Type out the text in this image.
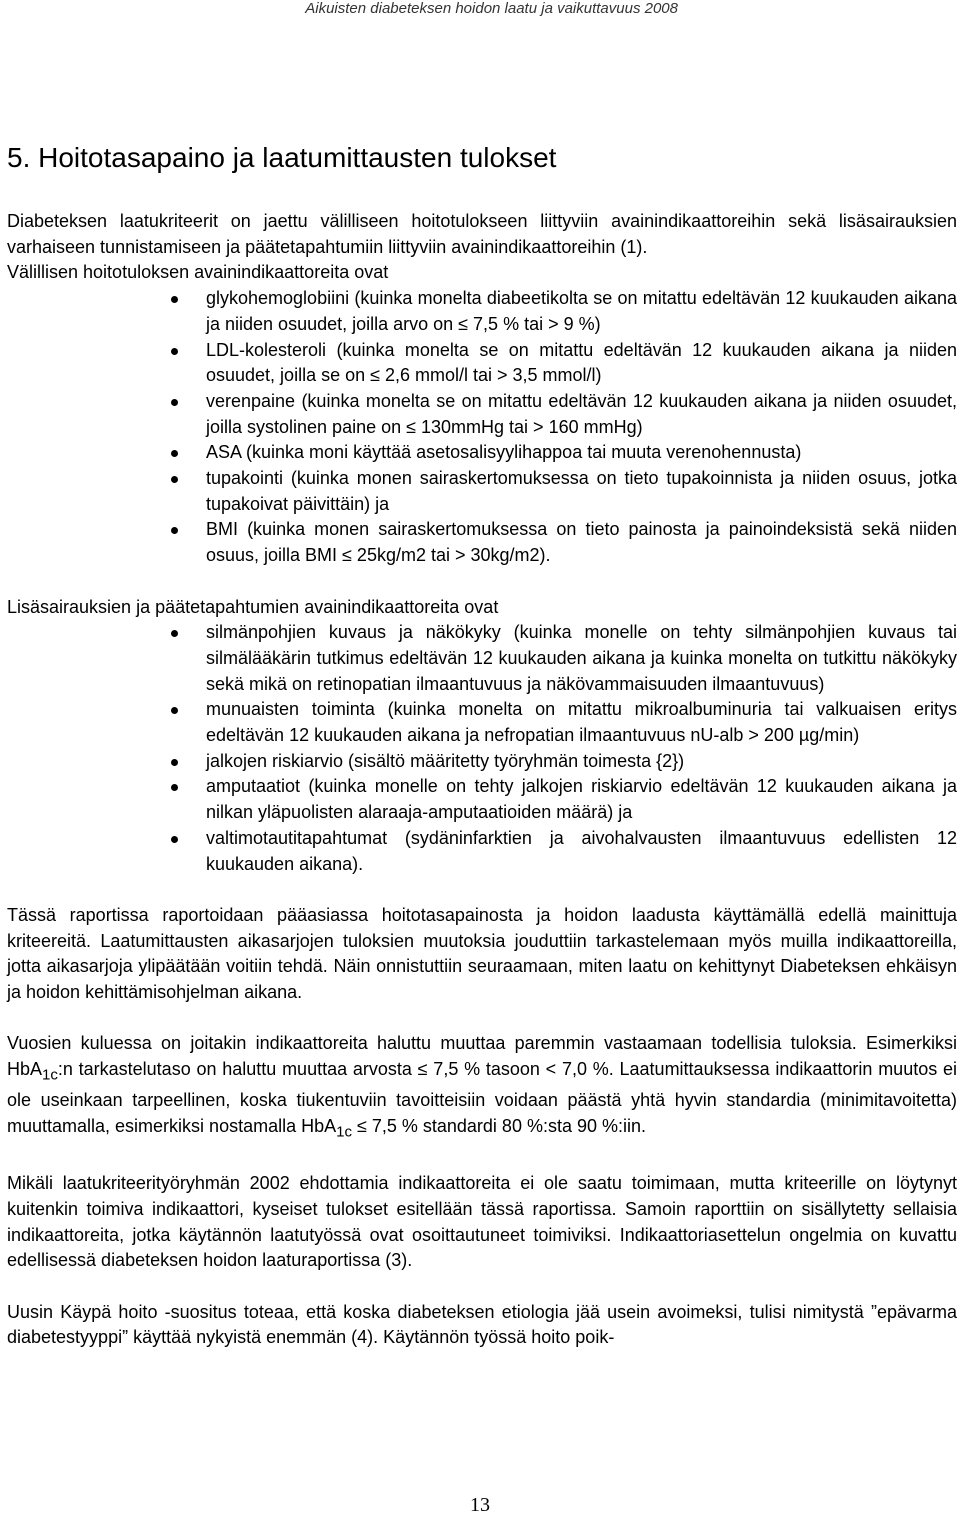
Aikuisten diabeteksen hoidon laatu ja vaikuttavuus 2008
5. Hoitotasapaino ja laatumittausten tulokset

Diabeteksen laatukriteerit on jaettu välilliseen hoitotulokseen liittyviin avainindikaattoreihin sekä lisäsairauksien varhaiseen tunnistamiseen ja päätetapahtumiin liittyviin avainindikaattoreihin (1).

Välillisen hoitotuloksen avainindikaattoreita ovat

glykohemoglobiini (kuinka monelta diabeetikolta se on mitattu edeltävän 12 kuukauden aikana ja niiden osuudet, joilla arvo on ≤ 7,5 % tai > 9 %)
LDL-kolesteroli (kuinka monelta se on mitattu edeltävän 12 kuukauden aikana ja niiden osuudet, joilla se on ≤ 2,6 mmol/l tai > 3,5 mmol/l)
verenpaine (kuinka monelta se on mitattu edeltävän 12 kuukauden aikana ja niiden osuudet, joilla systolinen paine on ≤ 130mmHg tai > 160 mmHg)
ASA (kuinka moni käyttää asetosalisyylihappoa tai muuta verenohennusta)
tupakointi (kuinka monen sairaskertomuksessa on tieto tupakoinnista ja niiden osuus, jotka tupakoivat päivittäin) ja
BMI (kuinka monen sairaskertomuksessa on tieto painosta ja painoindeksistä sekä niiden osuus, joilla BMI ≤ 25kg/m2 tai > 30kg/m2).

Lisäsairauksien ja päätetapahtumien avainindikaattoreita ovat

silmänpohjien kuvaus ja näkökyky (kuinka monelle on tehty silmänpohjien kuvaus tai silmälääkärin tutkimus edeltävän 12 kuukauden aikana ja kuinka monelta on tutkittu näkökyky sekä mikä on retinopatian ilmaantuvuus ja näkövammaisuuden ilmaantuvuus)
munuaisten toiminta (kuinka monelta on mitattu mikroalbuminuria tai valkuaisen eritys edeltävän 12 kuukauden aikana ja nefropatian ilmaantuvuus nU-alb > 200 µg/min)
jalkojen riskiarvio (sisältö määritetty työryhmän toimesta {2})
amputaatiot (kuinka monelle on tehty jalkojen riskiarvio edeltävän 12 kuukauden aikana ja nilkan yläpuolisten alaraaja-amputaatioiden määrä) ja
valtimotautitapahtumat (sydäninfarktien ja aivohalvausten ilmaantuvuus edellisten 12 kuukauden aikana).

Tässä raportissa raportoidaan pääasiassa hoitotasapainosta ja hoidon laadusta käyttämällä edellä mainittuja kriteereitä. Laatumittausten aikasarjojen tuloksien muutoksia jouduttiin tarkastelemaan myös muilla indikaattoreilla, jotta aikasarjoja ylipäätään voitiin tehdä. Näin onnistuttiin seuraamaan, miten laatu on kehittynyt Diabeteksen ehkäisyn ja hoidon kehittämisohjelman aikana.

Vuosien kuluessa on joitakin indikaattoreita haluttu muuttaa paremmin vastaamaan todellisia tuloksia. Esimerkiksi HbA$_{1c}$:n tarkastelutaso on haluttu muuttaa arvosta ≤ 7,5 % tasoon < 7,0 %. Laatumittauksessa indikaattorin muutos ei ole useinkaan tarpeellinen, koska tiukentuviin tavoitteisiin voidaan päästä yhtä hyvin standardia (minimitavoitetta) muuttamalla, esimerkiksi nostamalla HbA$_{1c}$ ≤ 7,5 % standardi 80 %:sta 90 %:iin.

Mikäli laatukriteerityöryhmän 2002 ehdottamia indikaattoreita ei ole saatu toimimaan, mutta kriteerille on löytynyt kuitenkin toimiva indikaattori, kyseiset tulokset esitellään tässä raportissa. Samoin raporttiin on sisällytetty sellaisia indikaattoreita, jotka käytännön laatutyössä ovat osoittautuneet toimiviksi. Indikaattoriasettelun ongelmia on kuvattu edellisessä diabeteksen hoidon laaturaportissa (3).

Uusin Käypä hoito -suositus toteaa, että koska diabeteksen etiologia jää usein avoimeksi, tulisi nimitystä ”epävarma diabetestyyppi” käyttää nykyistä enemmän (4). Käytännön työssä hoito poik-

13
